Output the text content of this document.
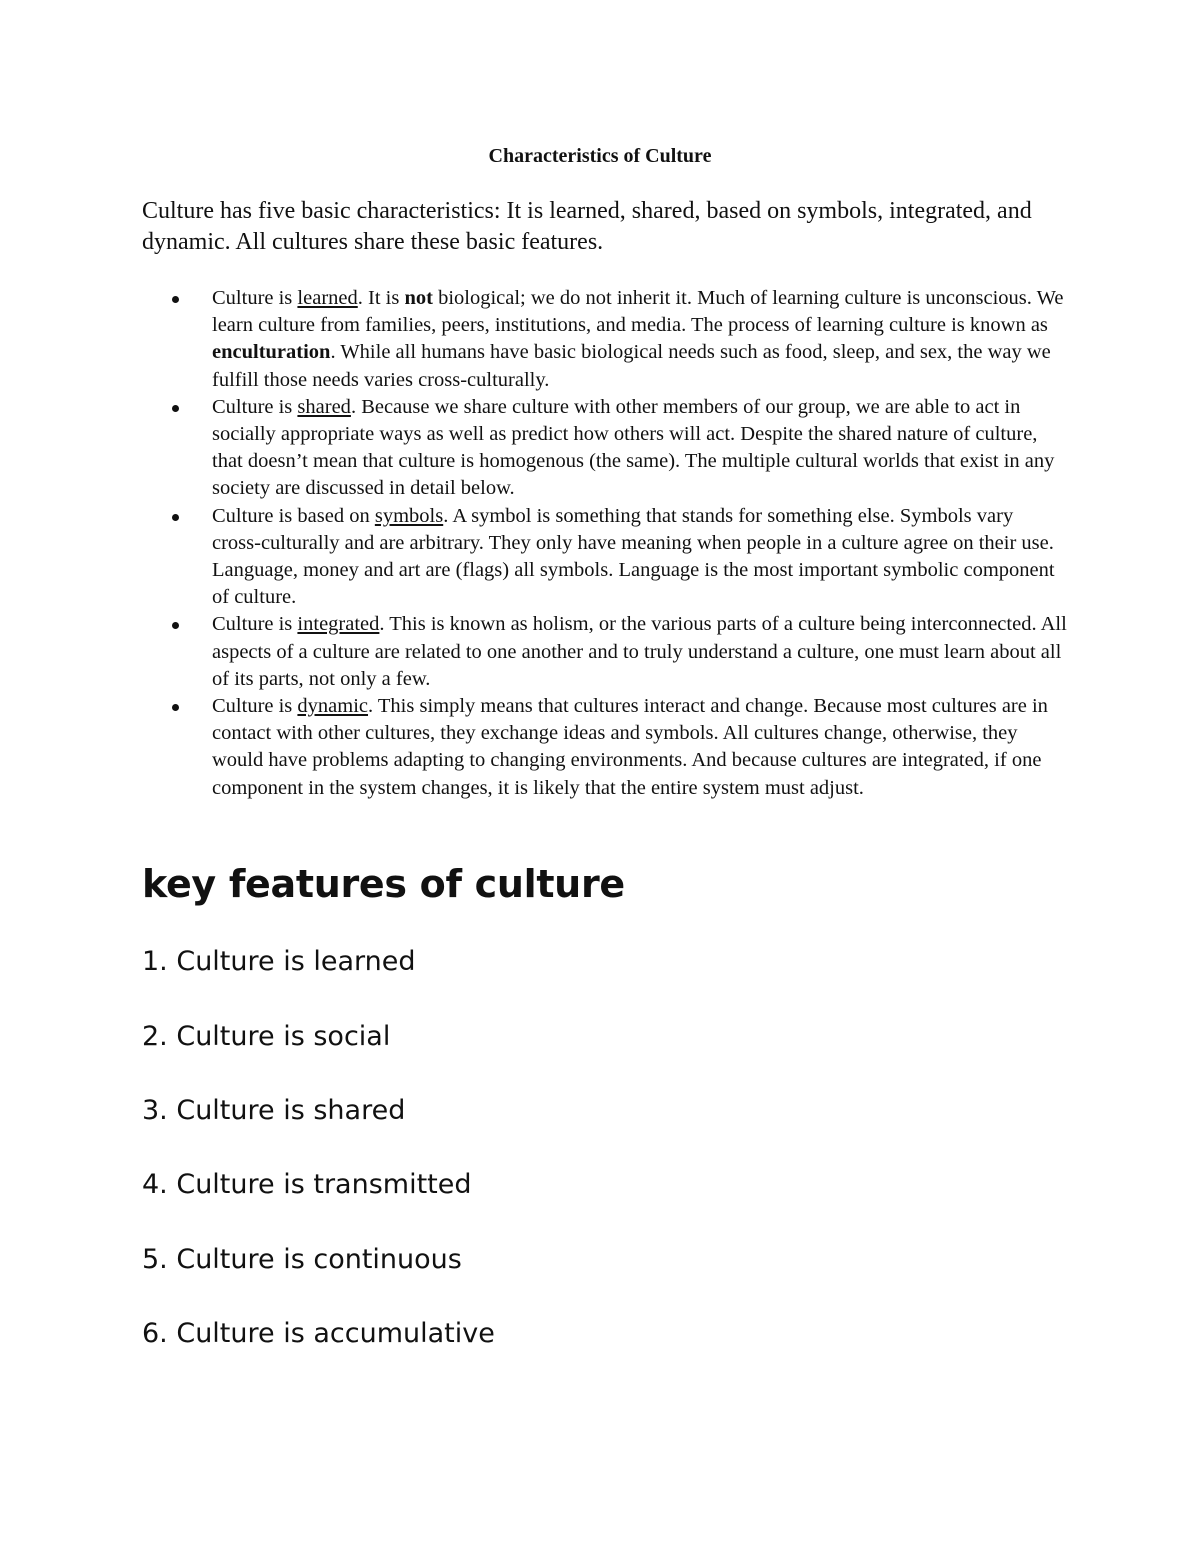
Characteristics of Culture

Culture has five basic characteristics: It is learned, shared, based on symbols, integrated, and dynamic. All cultures share these basic features.

Culture is learned. It is not biological; we do not inherit it. Much of learning culture is unconscious. We learn culture from families, peers, institutions, and media. The process of learning culture is known as enculturation. While all humans have basic biological needs such as food, sleep, and sex, the way we fulfill those needs varies cross-culturally.
Culture is shared. Because we share culture with other members of our group, we are able to act in socially appropriate ways as well as predict how others will act. Despite the shared nature of culture, that doesn’t mean that culture is homogenous (the same). The multiple cultural worlds that exist in any society are discussed in detail below.
Culture is based on symbols. A symbol is something that stands for something else. Symbols vary cross-culturally and are arbitrary. They only have meaning when people in a culture agree on their use. Language, money and art are (flags) all symbols. Language is the most important symbolic component of culture.
Culture is integrated. This is known as holism, or the various parts of a culture being interconnected. All aspects of a culture are related to one another and to truly understand a culture, one must learn about all of its parts, not only a few.
Culture is dynamic. This simply means that cultures interact and change. Because most cultures are in contact with other cultures, they exchange ideas and symbols. All cultures change, otherwise, they would have problems adapting to changing environments. And because cultures are integrated, if one component in the system changes, it is likely that the entire system must adjust.
key features of culture
1. Culture is learned
2. Culture is social
3. Culture is shared
4. Culture is transmitted
5. Culture is continuous
6. Culture is accumulative
